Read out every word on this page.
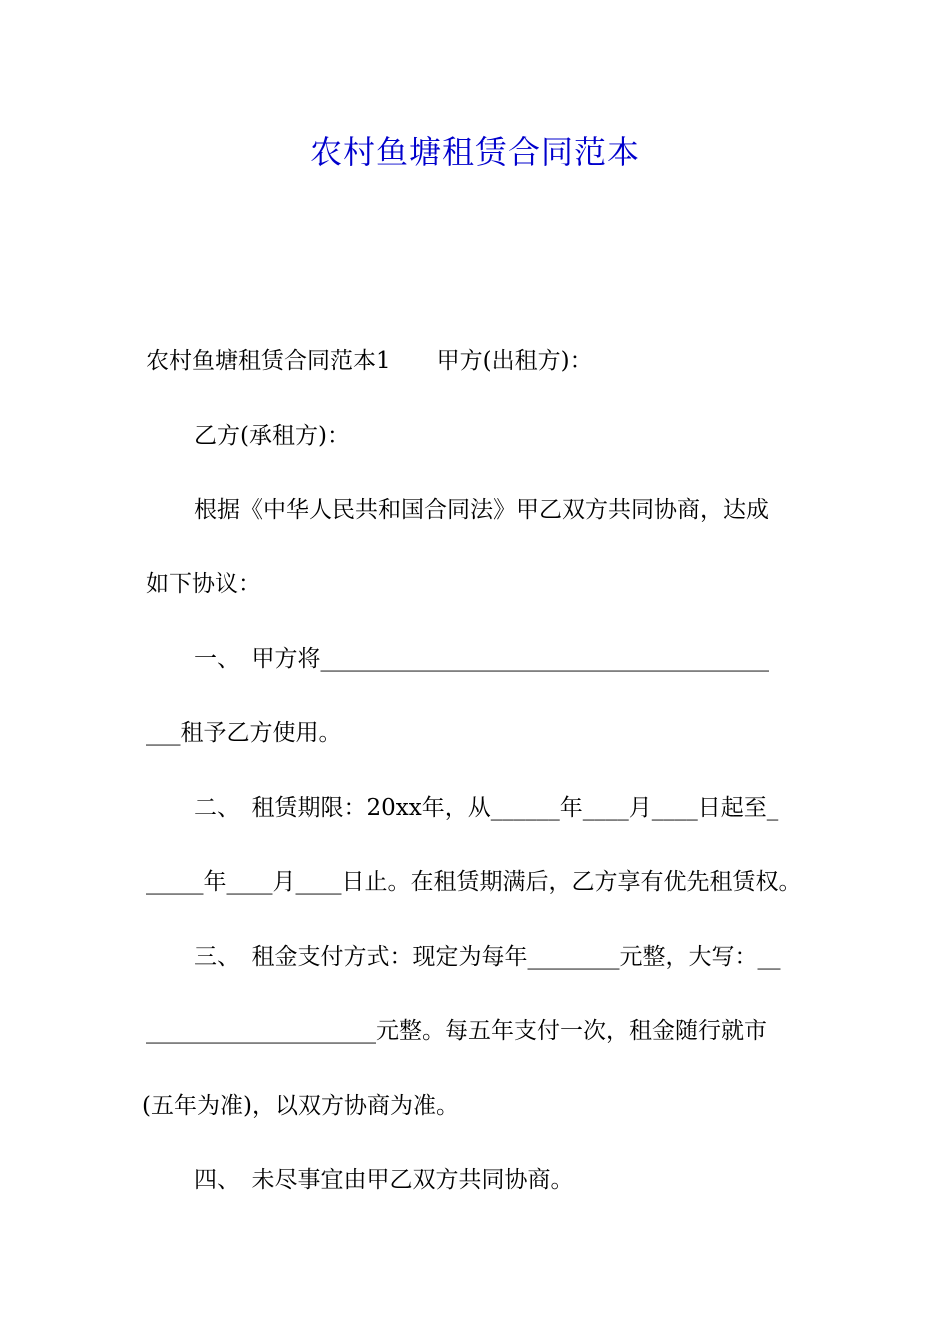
农村鱼塘租赁合同范本
农村鱼塘租赁合同范本1　　甲方(出租方)：
乙方(承租方)：
根据《中华人民共和国合同法》甲乙双方共同协商，达成
如下协议：
一、　甲方将_______________________________________
___租予乙方使用。
二、　租赁期限：20xx年，从______年____月____日起至_
_____年____月____日止。在租赁期满后，乙方享有优先租赁权。
三、　租金支付方式：现定为每年________元整，大写：__
____________________元整。每五年支付一次，租金随行就市
(五年为准)，以双方协商为准。
四、　未尽事宜由甲乙双方共同协商。
